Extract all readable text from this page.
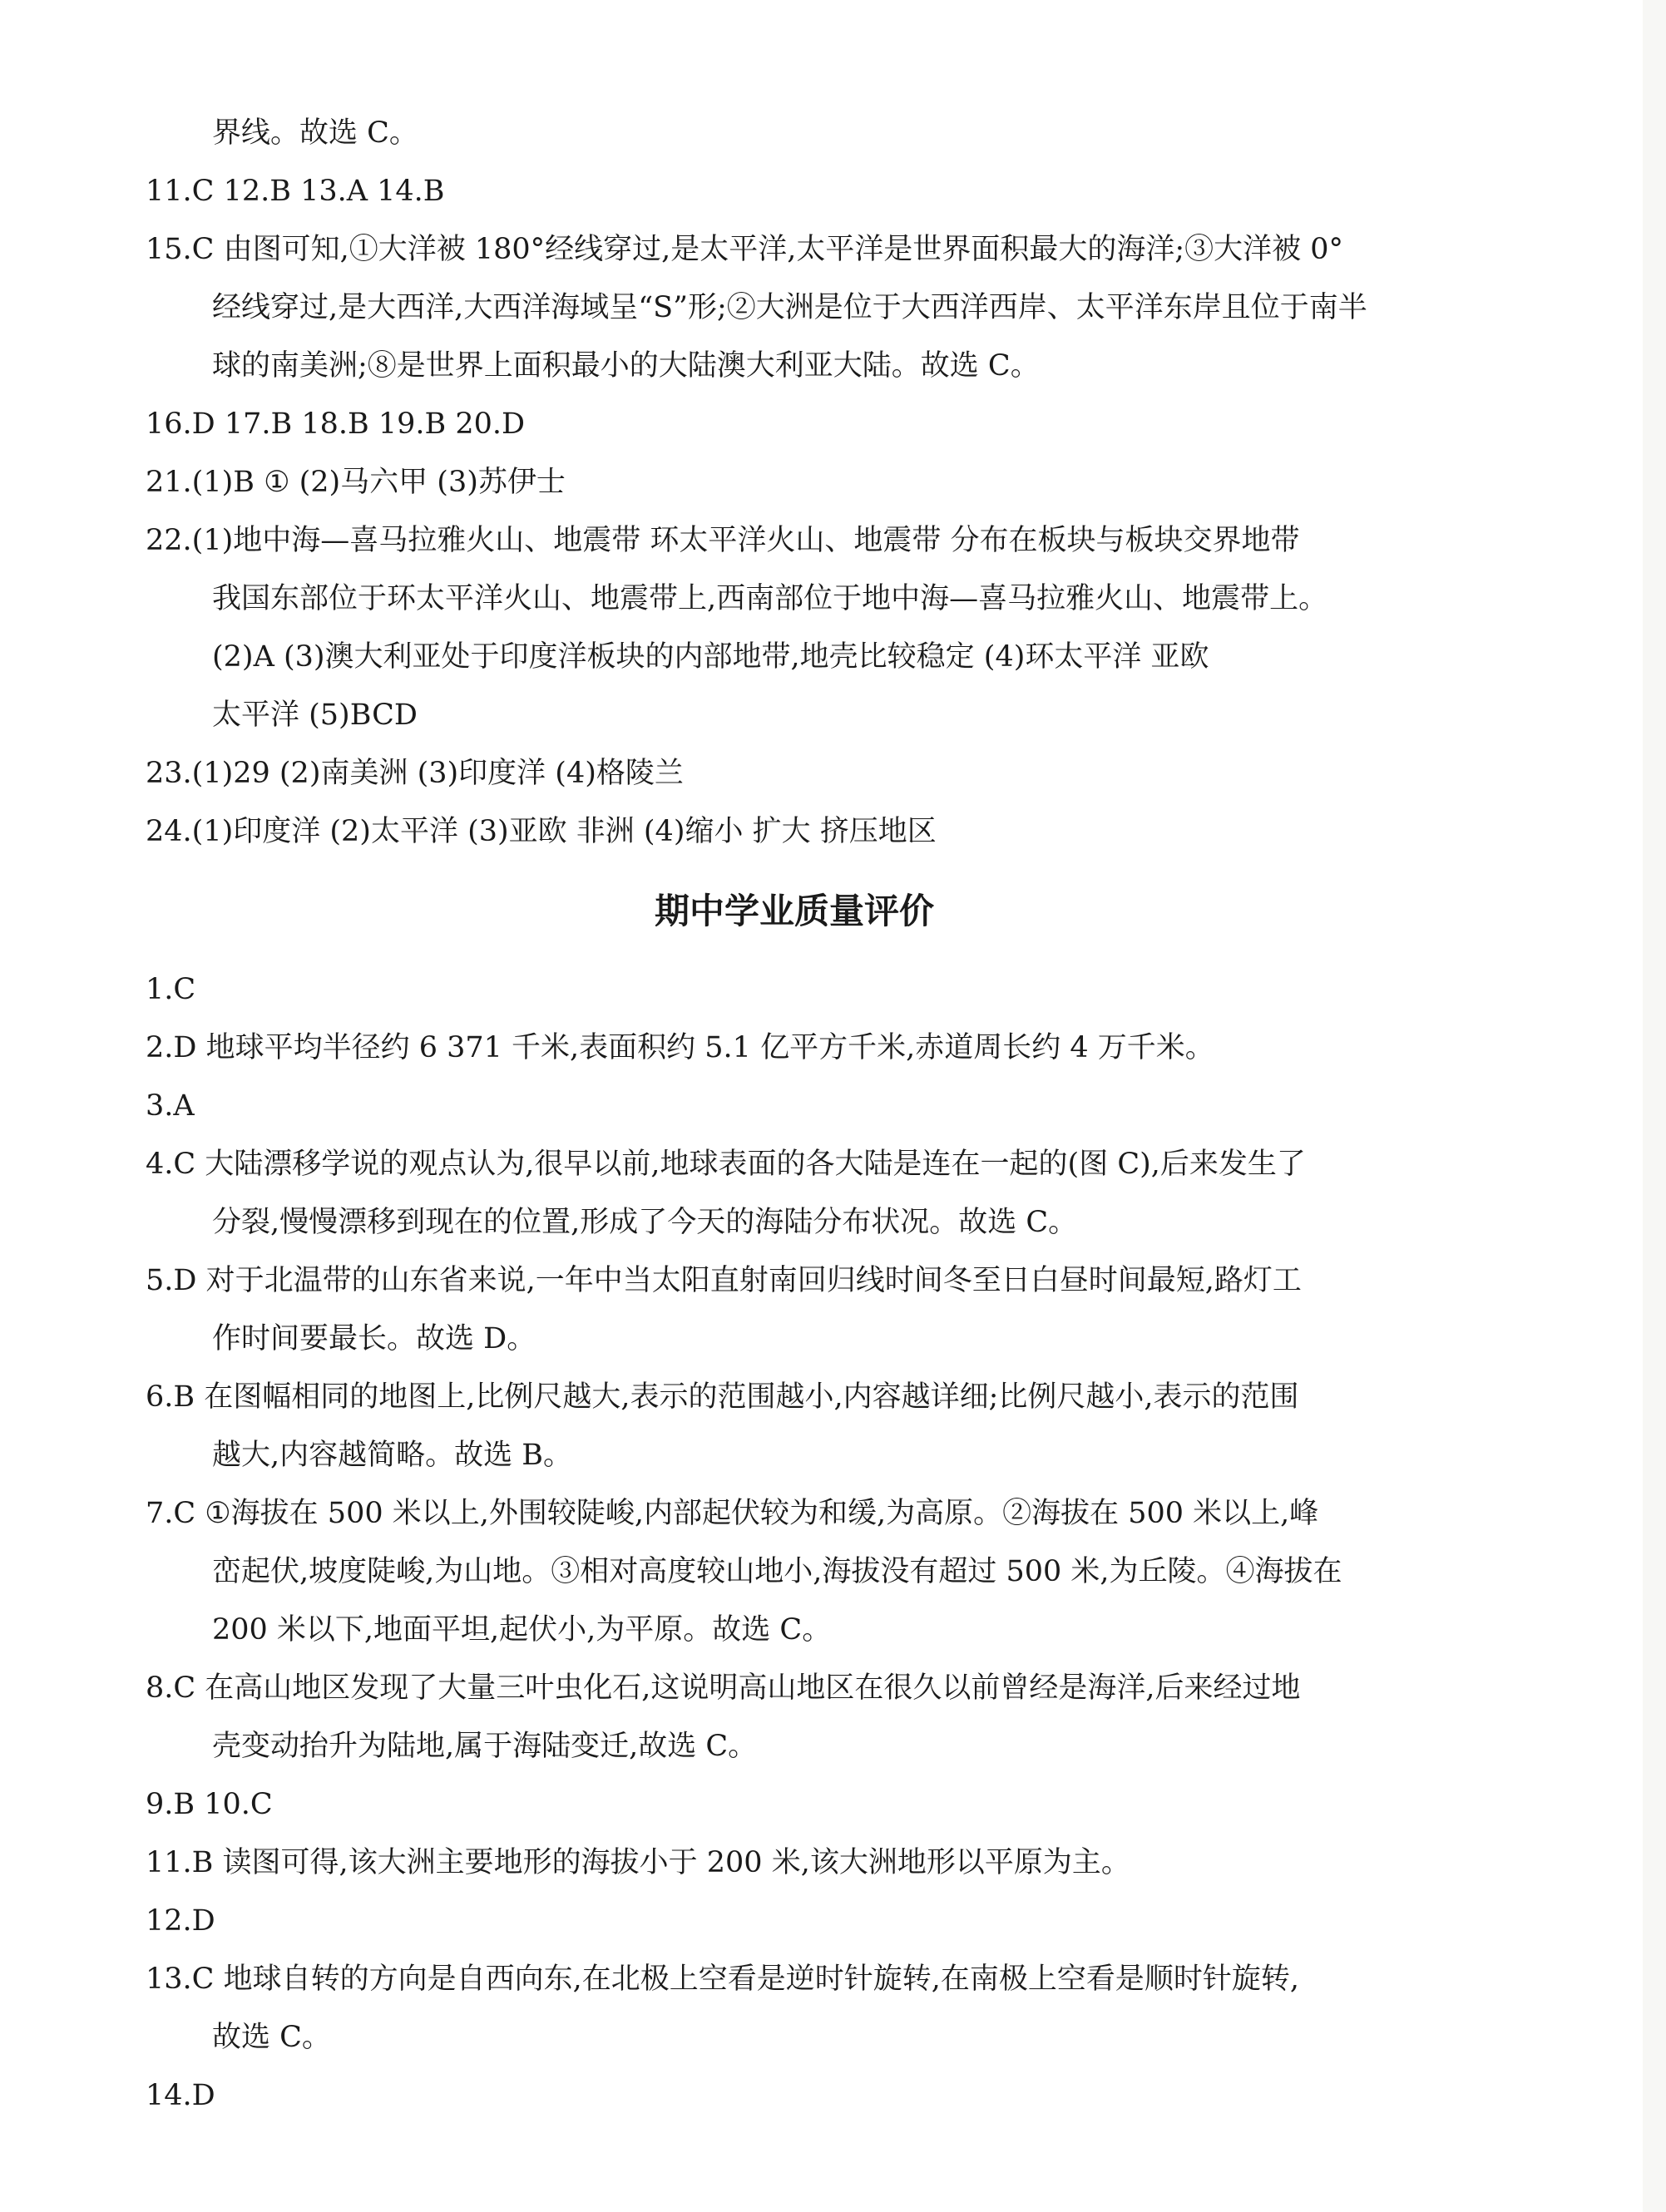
界线。故选 C。
11.C 12.B 13.A 14.B
15.C 由图可知,①大洋被 180°经线穿过,是太平洋,太平洋是世界面积最大的海洋;③大洋被 0°
经线穿过,是大西洋,大西洋海域呈“S”形;②大洲是位于大西洋西岸、太平洋东岸且位于南半
球的南美洲;⑧是世界上面积最小的大陆澳大利亚大陆。故选 C。
16.D 17.B 18.B 19.B 20.D
21.(1)B ① (2)马六甲 (3)苏伊士
22.(1)地中海—喜马拉雅火山、地震带 环太平洋火山、地震带 分布在板块与板块交界地带
我国东部位于环太平洋火山、地震带上,西南部位于地中海—喜马拉雅火山、地震带上。
(2)A (3)澳大利亚处于印度洋板块的内部地带,地壳比较稳定 (4)环太平洋 亚欧
太平洋 (5)BCD
23.(1)29 (2)南美洲 (3)印度洋 (4)格陵兰
24.(1)印度洋 (2)太平洋 (3)亚欧 非洲 (4)缩小 扩大 挤压地区
期中学业质量评价
1.C
2.D 地球平均半径约 6 371 千米,表面积约 5.1 亿平方千米,赤道周长约 4 万千米。
3.A
4.C 大陆漂移学说的观点认为,很早以前,地球表面的各大陆是连在一起的(图 C),后来发生了
分裂,慢慢漂移到现在的位置,形成了今天的海陆分布状况。故选 C。
5.D 对于北温带的山东省来说,一年中当太阳直射南回归线时间冬至日白昼时间最短,路灯工
作时间要最长。故选 D。
6.B 在图幅相同的地图上,比例尺越大,表示的范围越小,内容越详细;比例尺越小,表示的范围
越大,内容越简略。故选 B。
7.C ①海拔在 500 米以上,外围较陡峻,内部起伏较为和缓,为高原。②海拔在 500 米以上,峰
峦起伏,坡度陡峻,为山地。③相对高度较山地小,海拔没有超过 500 米,为丘陵。④海拔在
200 米以下,地面平坦,起伏小,为平原。故选 C。
8.C 在高山地区发现了大量三叶虫化石,这说明高山地区在很久以前曾经是海洋,后来经过地
壳变动抬升为陆地,属于海陆变迁,故选 C。
9.B 10.C
11.B 读图可得,该大洲主要地形的海拔小于 200 米,该大洲地形以平原为主。
12.D
13.C 地球自转的方向是自西向东,在北极上空看是逆时针旋转,在南极上空看是顺时针旋转,
故选 C。
14.D
